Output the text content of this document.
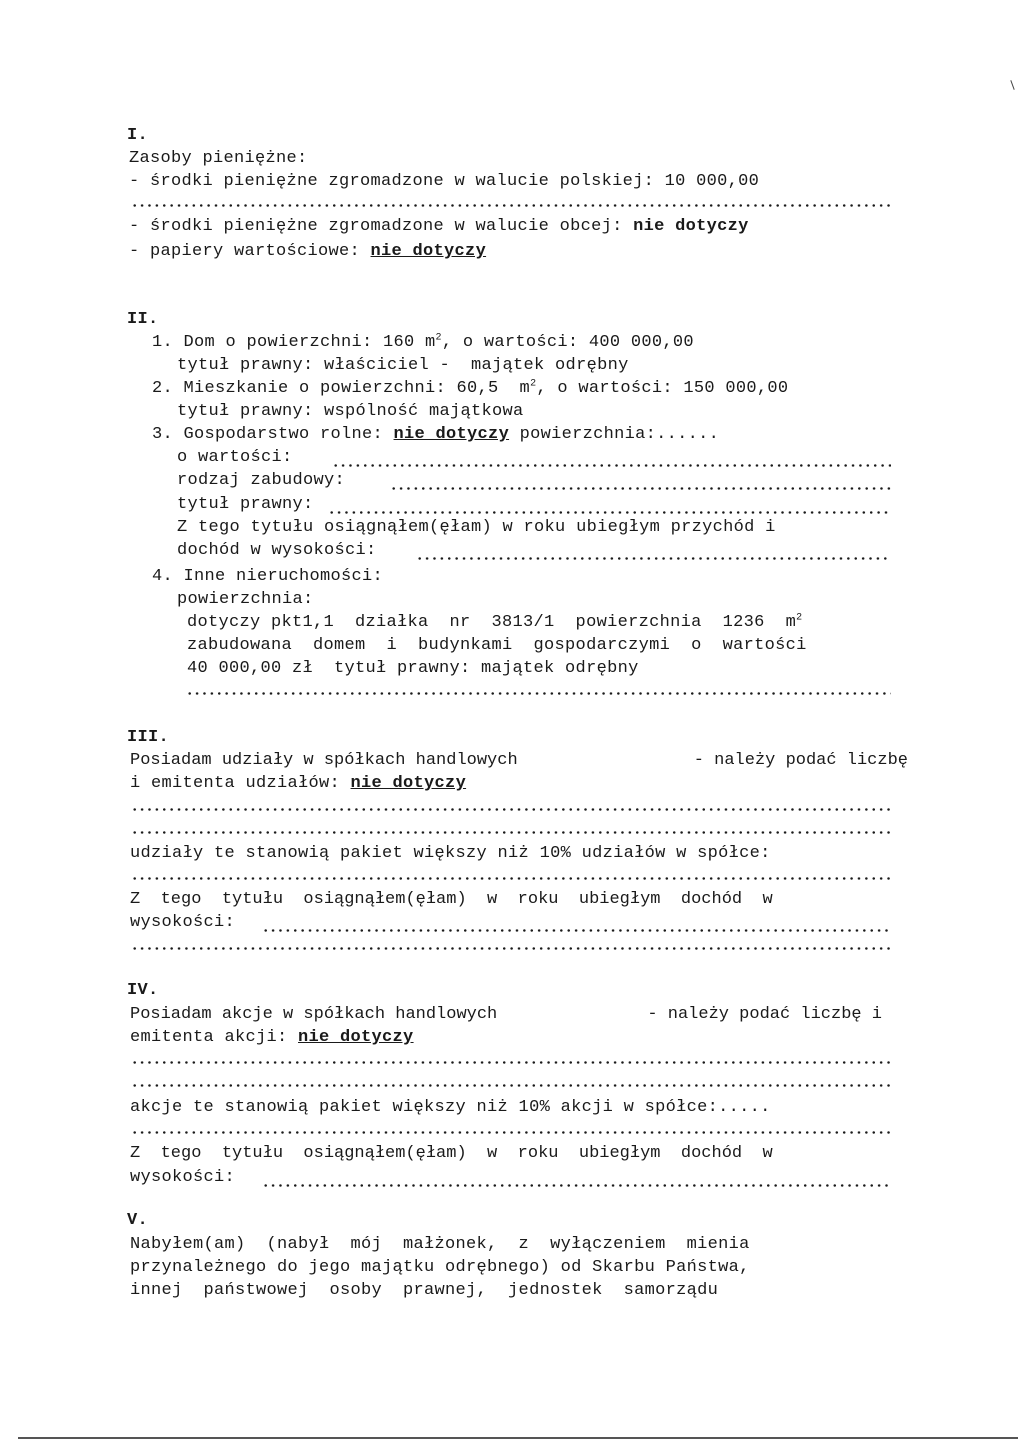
I.
Zasoby pieniężne:
- środki pieniężne zgromadzone w walucie polskiej: 10 000,00
- środki pieniężne zgromadzone w walucie obcej: nie dotyczy
- papiery wartościowe: nie dotyczy
II.
1. Dom o powierzchni: 160 $m^2$, o wartości: 400 000,00
tytuł prawny: właściciel -  majątek odrębny
2. Mieszkanie o powierzchni: 60,5  $m^2$, o wartości: 150 000,00
tytuł prawny: wspólność majątkowa
3. Gospodarstwo rolne: nie dotyczy powierzchnia:......
o wartości:
rodzaj zabudowy:
tytuł prawny:
Z tego tytułu osiągnąłem(ęłam) w roku ubiegłym przychód i
dochód w wysokości:
4. Inne nieruchomości:
powierzchnia:
dotyczy pkt1,1  działka  nr  3813/1  powierzchnia  1236  $m^2$
zabudowana  domem  i  budynkami  gospodarczymi  o  wartości
40 000,00 zł  tytuł prawny: majątek odrębny
III.
Posiadam udziały w spółkach handlowych	- należy podać liczbę
i emitenta udziałów: nie dotyczy
udziały te stanowią pakiet większy niż 10% udziałów w spółce:
Z  tego  tytułu  osiągnąłem(ęłam)  w  roku  ubiegłym  dochód  w
wysokości:
IV.
Posiadam akcje w spółkach handlowych	- należy podać liczbę i
emitenta akcji: nie dotyczy
akcje te stanowią pakiet większy niż 10% akcji w spółce:.....
Z  tego  tytułu  osiągnąłem(ęłam)  w  roku  ubiegłym  dochód  w
wysokości:
V.
Nabyłem(am)  (nabył  mój  małżonek,  z  wyłączeniem  mienia
przynależnego do jego majątku odrębnego) od Skarbu Państwa,
innej  państwowej  osoby  prawnej,  jednostek  samorządu
